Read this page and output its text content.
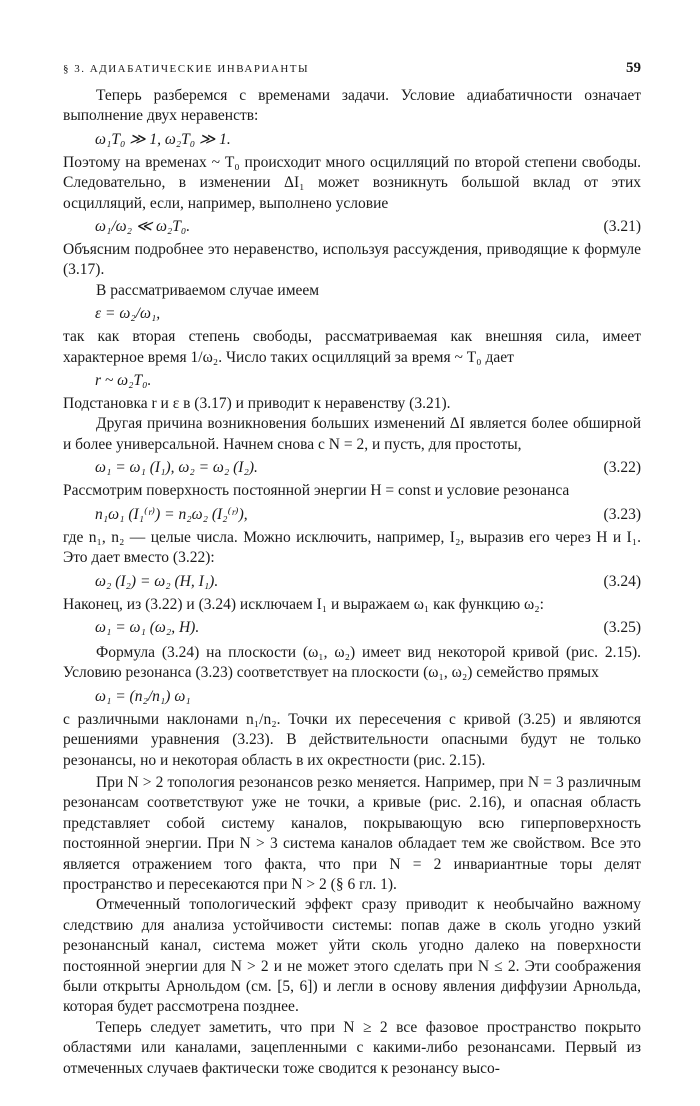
§ 3. АДИАБАТИЧЕСКИЕ ИНВАРИАНТЫ	59

Теперь разберемся с временами задачи. Условие адиабатичности означает выполнение двух неравенств:

ω₁T₀ ≫ 1, ω₂T₀ ≫ 1.

Поэтому на временах ~ T₀ происходит много осцилляций по второй степени свободы. Следовательно, в изменении ΔI₁ может возникнуть большой вклад от этих осцилляций, если, например, выполнено условие

ω₁/ω₂ ≪ ω₂T₀.	(3.21)

Объясним подробнее это неравенство, используя рассуждения, приводящие к формуле (3.17).

В рассматриваемом случае имеем

ε = ω₂/ω₁,

так как вторая степень свободы, рассматриваемая как внешняя сила, имеет характерное время 1/ω₂. Число таких осцилляций за время ~ T₀ дает

r ~ ω₂T₀.

Подстановка r и ε в (3.17) и приводит к неравенству (3.21).

Другая причина возникновения больших изменений ΔI является более обширной и более универсальной. Начнем снова с N = 2, и пусть, для простоты,

ω₁ = ω₁ (I₁), ω₂ = ω₂ (I₂).	(3.22)

Рассмотрим поверхность постоянной энергии H = const и условие резонанса

n₁ω₁ (I₁⁽ʳ⁾) = n₂ω₂ (I₂⁽ʳ⁾),	(3.23)

где n₁, n₂ — целые числа. Можно исключить, например, I₂, выразив его через H и I₁. Это дает вместо (3.22):

ω₂ (I₂) = ω₂ (H, I₁).	(3.24)

Наконец, из (3.22) и (3.24) исключаем I₁ и выражаем ω₁ как функцию ω₂:

ω₁ = ω₁ (ω₂, H).	(3.25)

Формула (3.24) на плоскости (ω₁, ω₂) имеет вид некоторой кривой (рис. 2.15). Условию резонанса (3.23) соответствует на плоскости (ω₁, ω₂) семейство прямых

ω₁ = (n₂/n₁) ω₁

с различными наклонами n₁/n₂. Точки их пересечения с кривой (3.25) и являются решениями уравнения (3.23). В действительности опасными будут не только резонансы, но и некоторая область в их окрестности (рис. 2.15).

При N > 2 топология резонансов резко меняется. Например, при N = 3 различным резонансам соответствуют уже не точки, а кривые (рис. 2.16), и опасная область представляет собой систему каналов, покрывающую всю гиперповерхность постоянной энергии. При N > 3 система каналов обладает тем же свойством. Все это является отражением того факта, что при N = 2 инвариантные торы делят пространство и пересекаются при N > 2 (§ 6 гл. 1).

Отмеченный топологический эффект сразу приводит к необычайно важному следствию для анализа устойчивости системы: попав даже в сколь угодно узкий резонансный канал, система может уйти сколь угодно далеко на поверхности постоянной энергии для N > 2 и не может этого сделать при N ≤ 2. Эти соображения были открыты Арнольдом (см. [5, 6]) и легли в основу явления диффузии Арнольда, которая будет рассмотрена позднее.

Теперь следует заметить, что при N ≥ 2 все фазовое пространство покрыто областями или каналами, зацепленными с какими-либо резонансами. Первый из отмеченных случаев фактически тоже сводится к резонансу высо-
